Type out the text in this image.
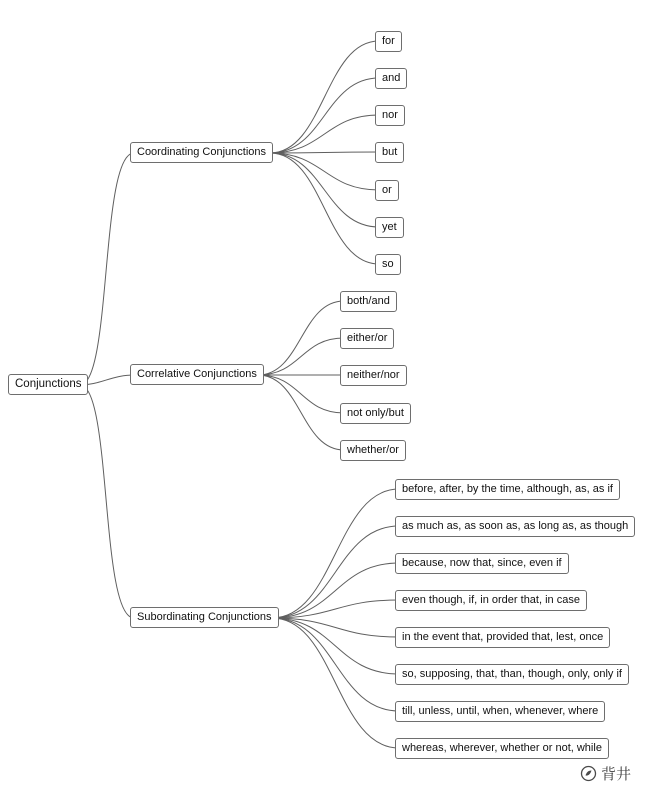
Conjunctions
Coordinating Conjunctions
Correlative Conjunctions
Subordinating Conjunctions
for
and
nor
but
or
yet
so
both/and
either/or
neither/nor
not only/but
whether/or
before, after, by the time, although, as, as if
as much as, as soon as, as long as, as though
because, now that, since, even if
even though, if, in order that, in case
in the event that, provided that, lest, once
so, supposing, that, than, though, only, only if
till, unless, until, when, whenever, where
whereas, wherever, whether or not, while
背井
